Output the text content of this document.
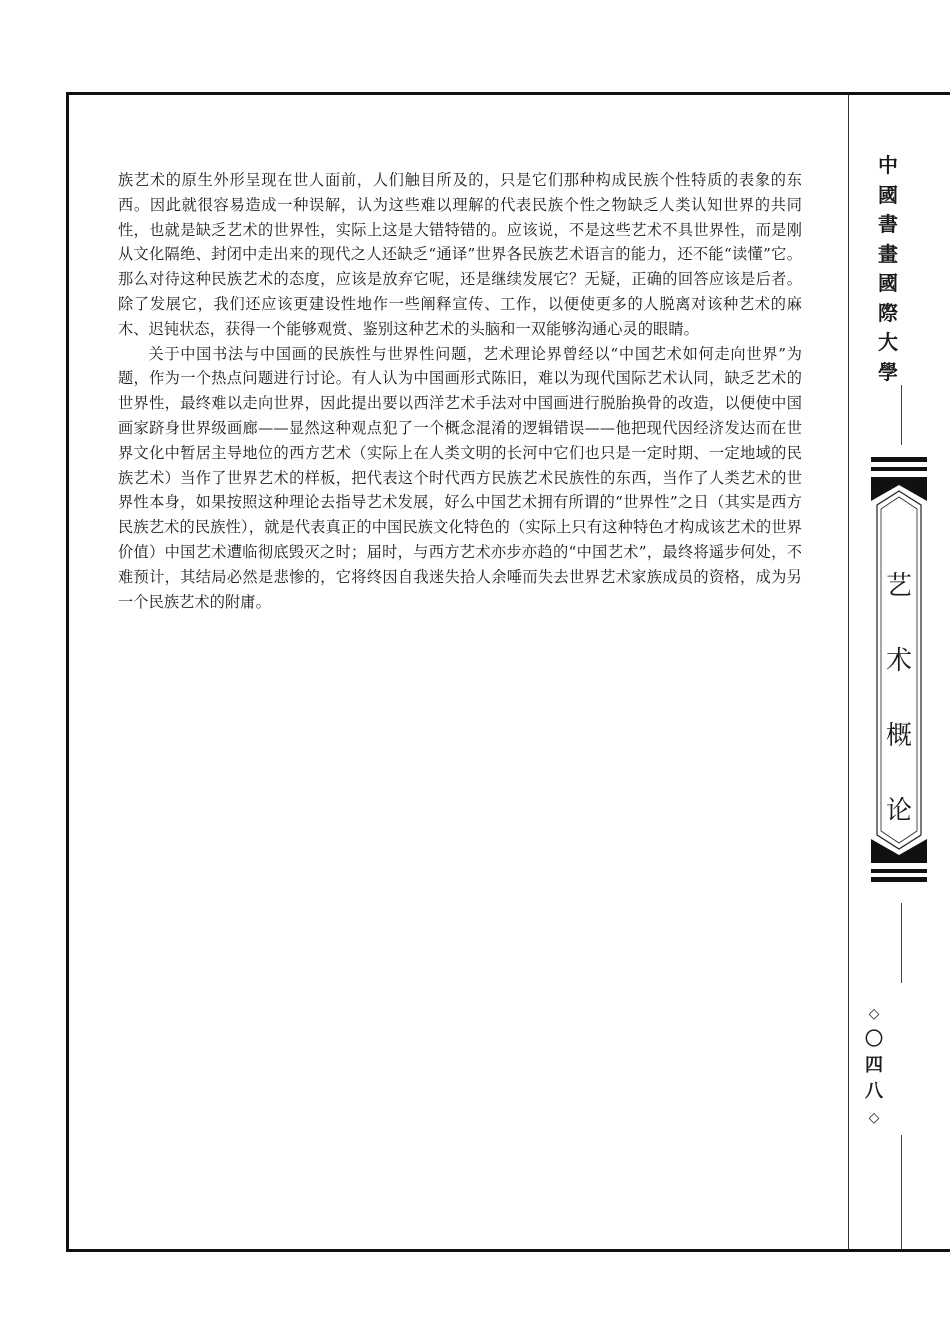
族艺术的原生外形呈现在世人面前，人们触目所及的，只是它们那种构成民族个性特质的表象的东西。因此就很容易造成一种误解，认为这些难以理解的代表民族个性之物缺乏人类认知世界的共同性，也就是缺乏艺术的世界性，实际上这是大错特错的。应该说，不是这些艺术不具世界性，而是刚从文化隔绝、封闭中走出来的现代之人还缺乏“通译”世界各民族艺术语言的能力，还不能“读懂”它。那么对待这种民族艺术的态度，应该是放弃它呢，还是继续发展它？无疑，正确的回答应该是后者。除了发展它，我们还应该更建设性地作一些阐释宣传、工作，以便使更多的人脱离对该种艺术的麻木、迟钝状态，获得一个能够观赏、鉴别这种艺术的头脑和一双能够沟通心灵的眼睛。

关于中国书法与中国画的民族性与世界性问题，艺术理论界曾经以“中国艺术如何走向世界”为题，作为一个热点问题进行讨论。有人认为中国画形式陈旧，难以为现代国际艺术认同，缺乏艺术的世界性，最终难以走向世界，因此提出要以西洋艺术手法对中国画进行脱胎换骨的改造，以便使中国画家跻身世界级画廊——显然这种观点犯了一个概念混淆的逻辑错误——他把现代因经济发达而在世界文化中暂居主导地位的西方艺术（实际上在人类文明的长河中它们也只是一定时期、一定地域的民族艺术）当作了世界艺术的样板，把代表这个时代西方民族艺术民族性的东西，当作了人类艺术的世界性本身，如果按照这种理论去指导艺术发展，好么中国艺术拥有所谓的“世界性”之日（其实是西方民族艺术的民族性），就是代表真正的中国民族文化特色的（实际上只有这种特色才构成该艺术的世界价值）中国艺术遭临彻底毁灭之时；届时，与西方艺术亦步亦趋的“中国艺术”，最终将遥步何处，不难预计，其结局必然是悲惨的，它将终因自我迷失拾人余唾而失去世界艺术家族成员的资格，成为另一个民族艺术的附庸。

中
國
書
畫
國
際
大
學
艺
术
概
论
◇
〇
四
八
◇
